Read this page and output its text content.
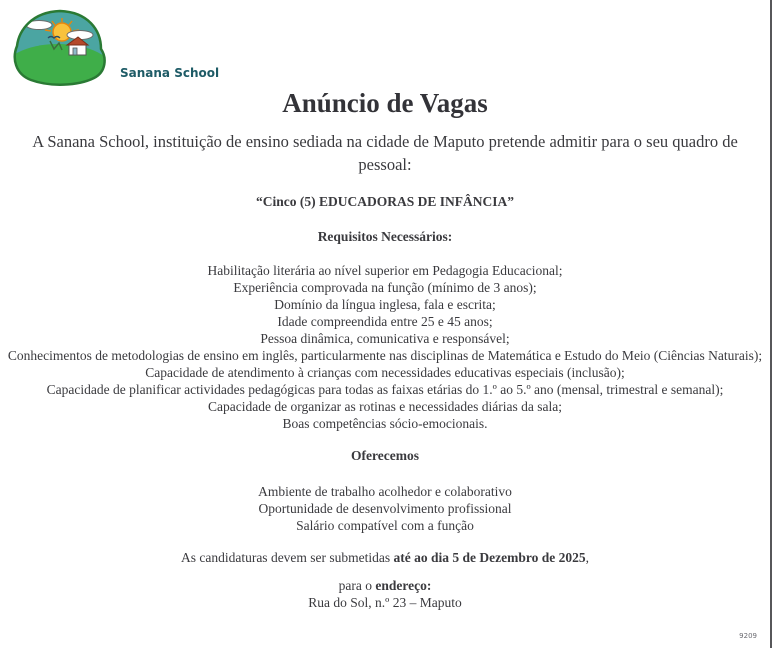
Sanana School
Anúncio de Vagas
A Sanana School, instituição de ensino sediada na cidade de Maputo pretende admitir para o seu quadro de pessoal:
“Cinco (5) EDUCADORAS DE INFÂNCIA”
Requisitos Necessários:
Habilitação literária ao nível superior em Pedagogia Educacional;
Experiência comprovada na função (mínimo de 3 anos);
Domínio da língua inglesa, fala e escrita;
Idade compreendida entre 25 e 45 anos;
Pessoa dinâmica, comunicativa e responsável;
Conhecimentos de metodologias de ensino em inglês, particularmente nas disciplinas de Matemática e Estudo do Meio (Ciências Naturais);
Capacidade de atendimento à crianças com necessidades educativas especiais (inclusão);
Capacidade de planificar actividades pedagógicas para todas as faixas etárias do 1.º ao 5.º ano (mensal, trimestral e semanal);
Capacidade de organizar as rotinas e necessidades diárias da sala;
Boas competências sócio-emocionais.
Oferecemos
Ambiente de trabalho acolhedor e colaborativo
Oportunidade de desenvolvimento profissional
Salário compatível com a função
As candidaturas devem ser submetidas até ao dia 5 de Dezembro de 2025,
para o endereço:
Rua do Sol, n.º 23 – Maputo
9209
